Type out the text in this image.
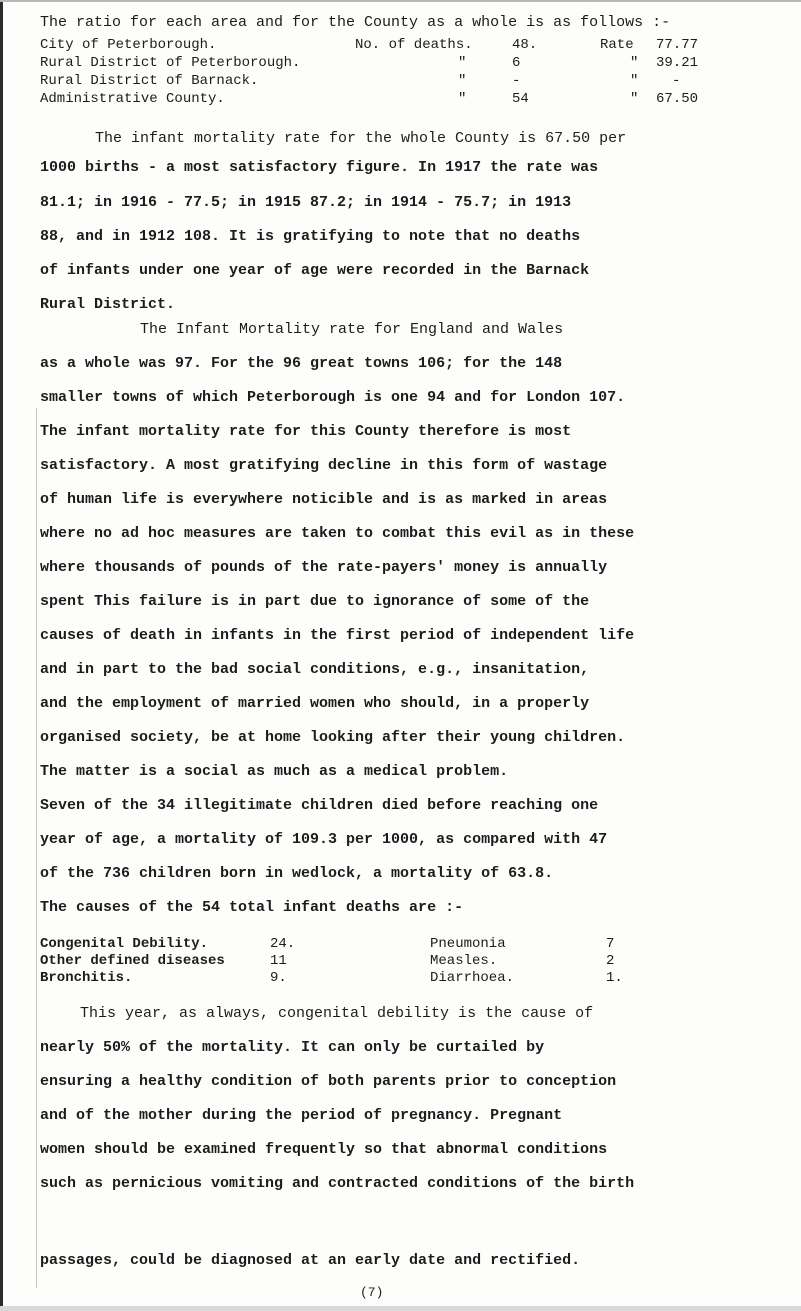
The ratio for each area and for the County as a whole is as follows :-
City of Peterborough.	No. of deaths.	48.	Rate 77.77
Rural District of Peterborough.	"	6	" 39.21
Rural District of Barnack.	"	-	" -
Administrative County.	"	54	" 67.50
The infant mortality rate for the whole County is 67.50 per
1000 births - a most satisfactory figure. In 1917 the rate was
81.1; in 1916 - 77.5; in 1915 87.2; in 1914 - 75.7; in 1913
88, and in 1912 108. It is gratifying to note that no deaths
of infants under one year of age were recorded in the Barnack
Rural District.
The Infant Mortality rate for England and Wales
as a whole was 97. For the 96 great towns 106; for the 148
smaller towns of which Peterborough is one 94 and for London 107.
The infant mortality rate for this County therefore is most
satisfactory. A most gratifying decline in this form of wastage
of human life is everywhere noticible and is as marked in areas
where no ad hoc measures are taken to combat this evil as in these
where thousands of pounds of the rate-payers' money is annually
spent This failure is in part due to ignorance of some of the
causes of death in infants in the first period of independent life
and in part to the bad social conditions, e.g., insanitation,
and the employment of married women who should, in a properly
organised society, be at home looking after their young children.
The matter is a social as much as a medical problem.
Seven of the 34 illegitimate children died before reaching one
year of age, a mortality of 109.3 per 1000, as compared with 47
of the 736 children born in wedlock, a mortality of 63.8.
The causes of the 54 total infant deaths are :-
Congenital Debility.	24.	Pneumonia	7
Other defined diseases	11	Measles.	2
Bronchitis.	9.	Diarrhoea.	1.
This year, as always, congenital debility is the cause of
nearly 50% of the mortality. It can only be curtailed by
ensuring a healthy condition of both parents prior to conception
and of the mother during the period of pregnancy. Pregnant
women should be examined frequently so that abnormal conditions
such as pernicious vomiting and contracted conditions of the birth
passages, could be diagnosed at an early date and rectified.
(7)
